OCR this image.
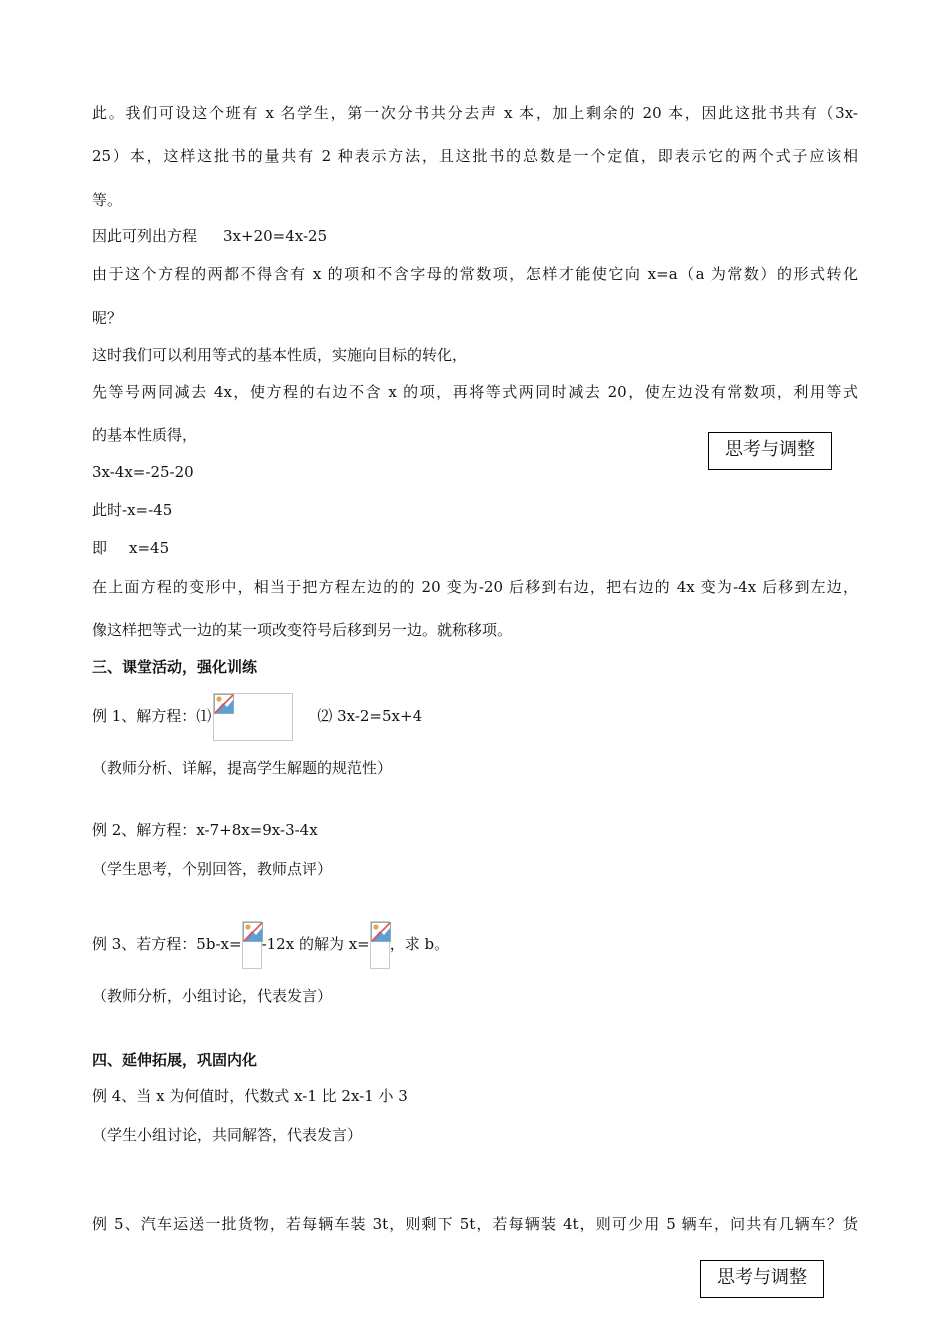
此。我们可设这个班有 x 名学生，第一次分书共分去声 x 本，加上剩余的 20 本，因此这批书共有（3x-
25）本，这样这批书的量共有 2 种表示方法，且这批书的总数是一个定值，即表示它的两个式子应该相
等。
因此可列出方程 3x+20=4x-25
由于这个方程的两都不得含有 x 的项和不含字母的常数项，怎样才能使它向 x=a（a 为常数）的形式转化
呢？
这时我们可以利用等式的基本性质，实施向目标的转化，
先等号两同减去 4x，使方程的右边不含 x 的项，再将等式两同时减去 20，使左边没有常数项，利用等式
的基本性质得，
思考与调整
3x-4x=-25-20
此时-x=-45
即 x=45
在上面方程的变形中，相当于把方程左边的的 20 变为-20 后移到右边，把右边的 4x 变为-4x 后移到左边，
像这样把等式一边的某一项改变符号后移到另一边。就称移项。
三、课堂活动，强化训练
例 1、解方程：⑴	⑵ 3x-2=5x+4
（教师分析、详解，提高学生解题的规范性）
例 2、解方程：x-7+8x=9x-3-4x
（学生思考，个别回答，教师点评）
例 3、若方程：5b-x= -12x 的解为 x= ，求 b。
（教师分析，小组讨论，代表发言）
四、延伸拓展，巩固内化
例 4、当 x 为何值时，代数式 x-1 比 2x-1 小 3
（学生小组讨论，共同解答，代表发言）
例 5、汽车运送一批货物，若每辆车装 3t，则剩下 5t，若每辆装 4t，则可少用 5 辆车，问共有几辆车？货
思考与调整
